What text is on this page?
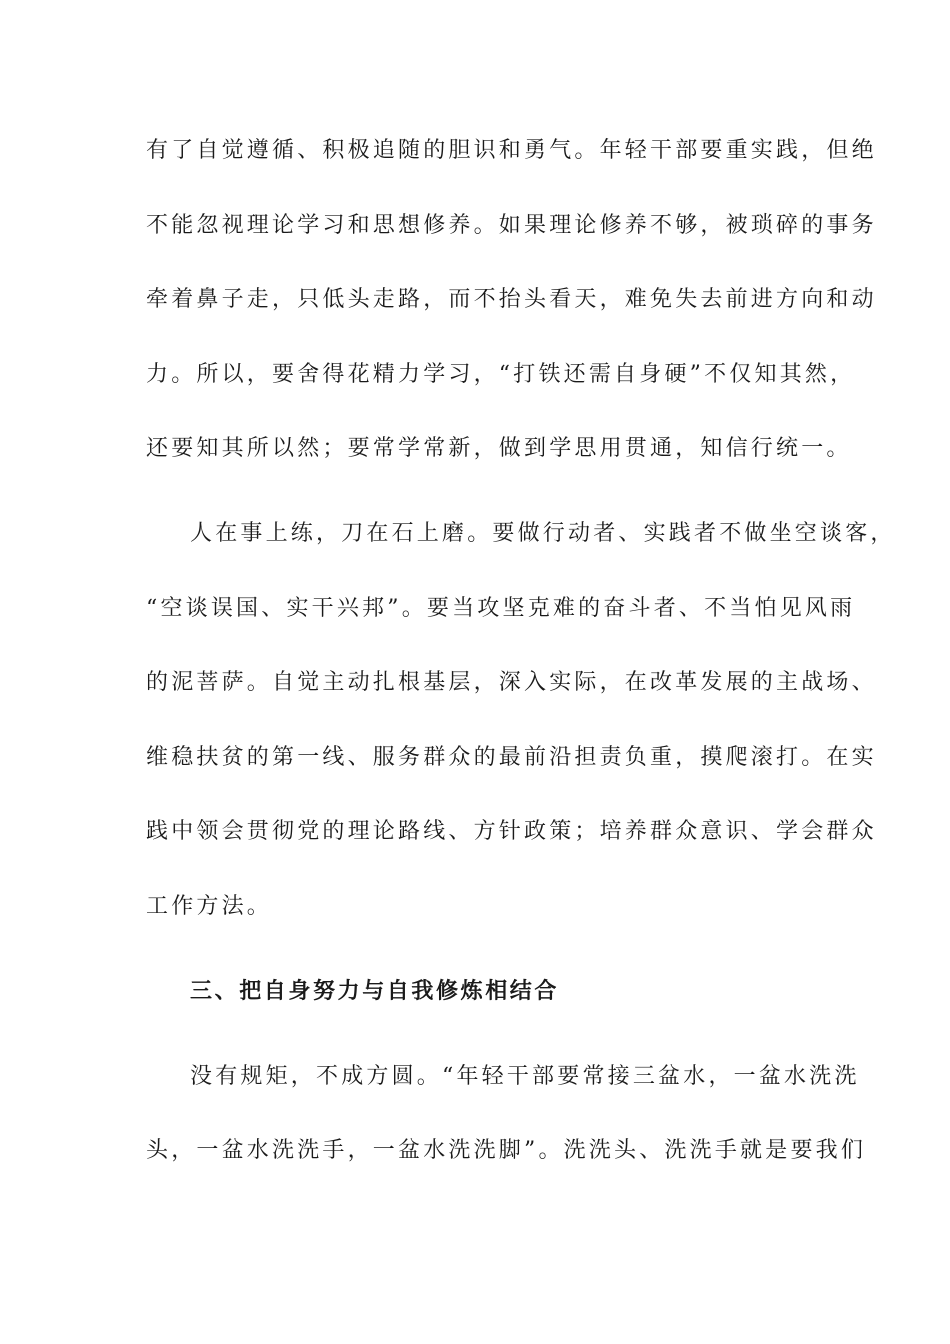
有了自觉遵循、积极追随的胆识和勇气。年轻干部要重实践，但绝
不能忽视理论学习和思想修养。如果理论修养不够，被琐碎的事务
牵着鼻子走，只低头走路，而不抬头看天，难免失去前进方向和动
力。所以，要舍得花精力学习，“打铁还需自身硬”不仅知其然，
还要知其所以然；要常学常新，做到学思用贯通，知信行统一。
人在事上练，刀在石上磨。要做行动者、实践者不做坐空谈客，
“空谈误国、实干兴邦”。要当攻坚克难的奋斗者、不当怕见风雨
的泥菩萨。自觉主动扎根基层，深入实际，在改革发展的主战场、
维稳扶贫的第一线、服务群众的最前沿担责负重，摸爬滚打。在实
践中领会贯彻党的理论路线、方针政策；培养群众意识、学会群众
工作方法。
三、把自身努力与自我修炼相结合
没有规矩，不成方圆。“年轻干部要常接三盆水，一盆水洗洗
头，一盆水洗洗手，一盆水洗洗脚”。洗洗头、洗洗手就是要我们
